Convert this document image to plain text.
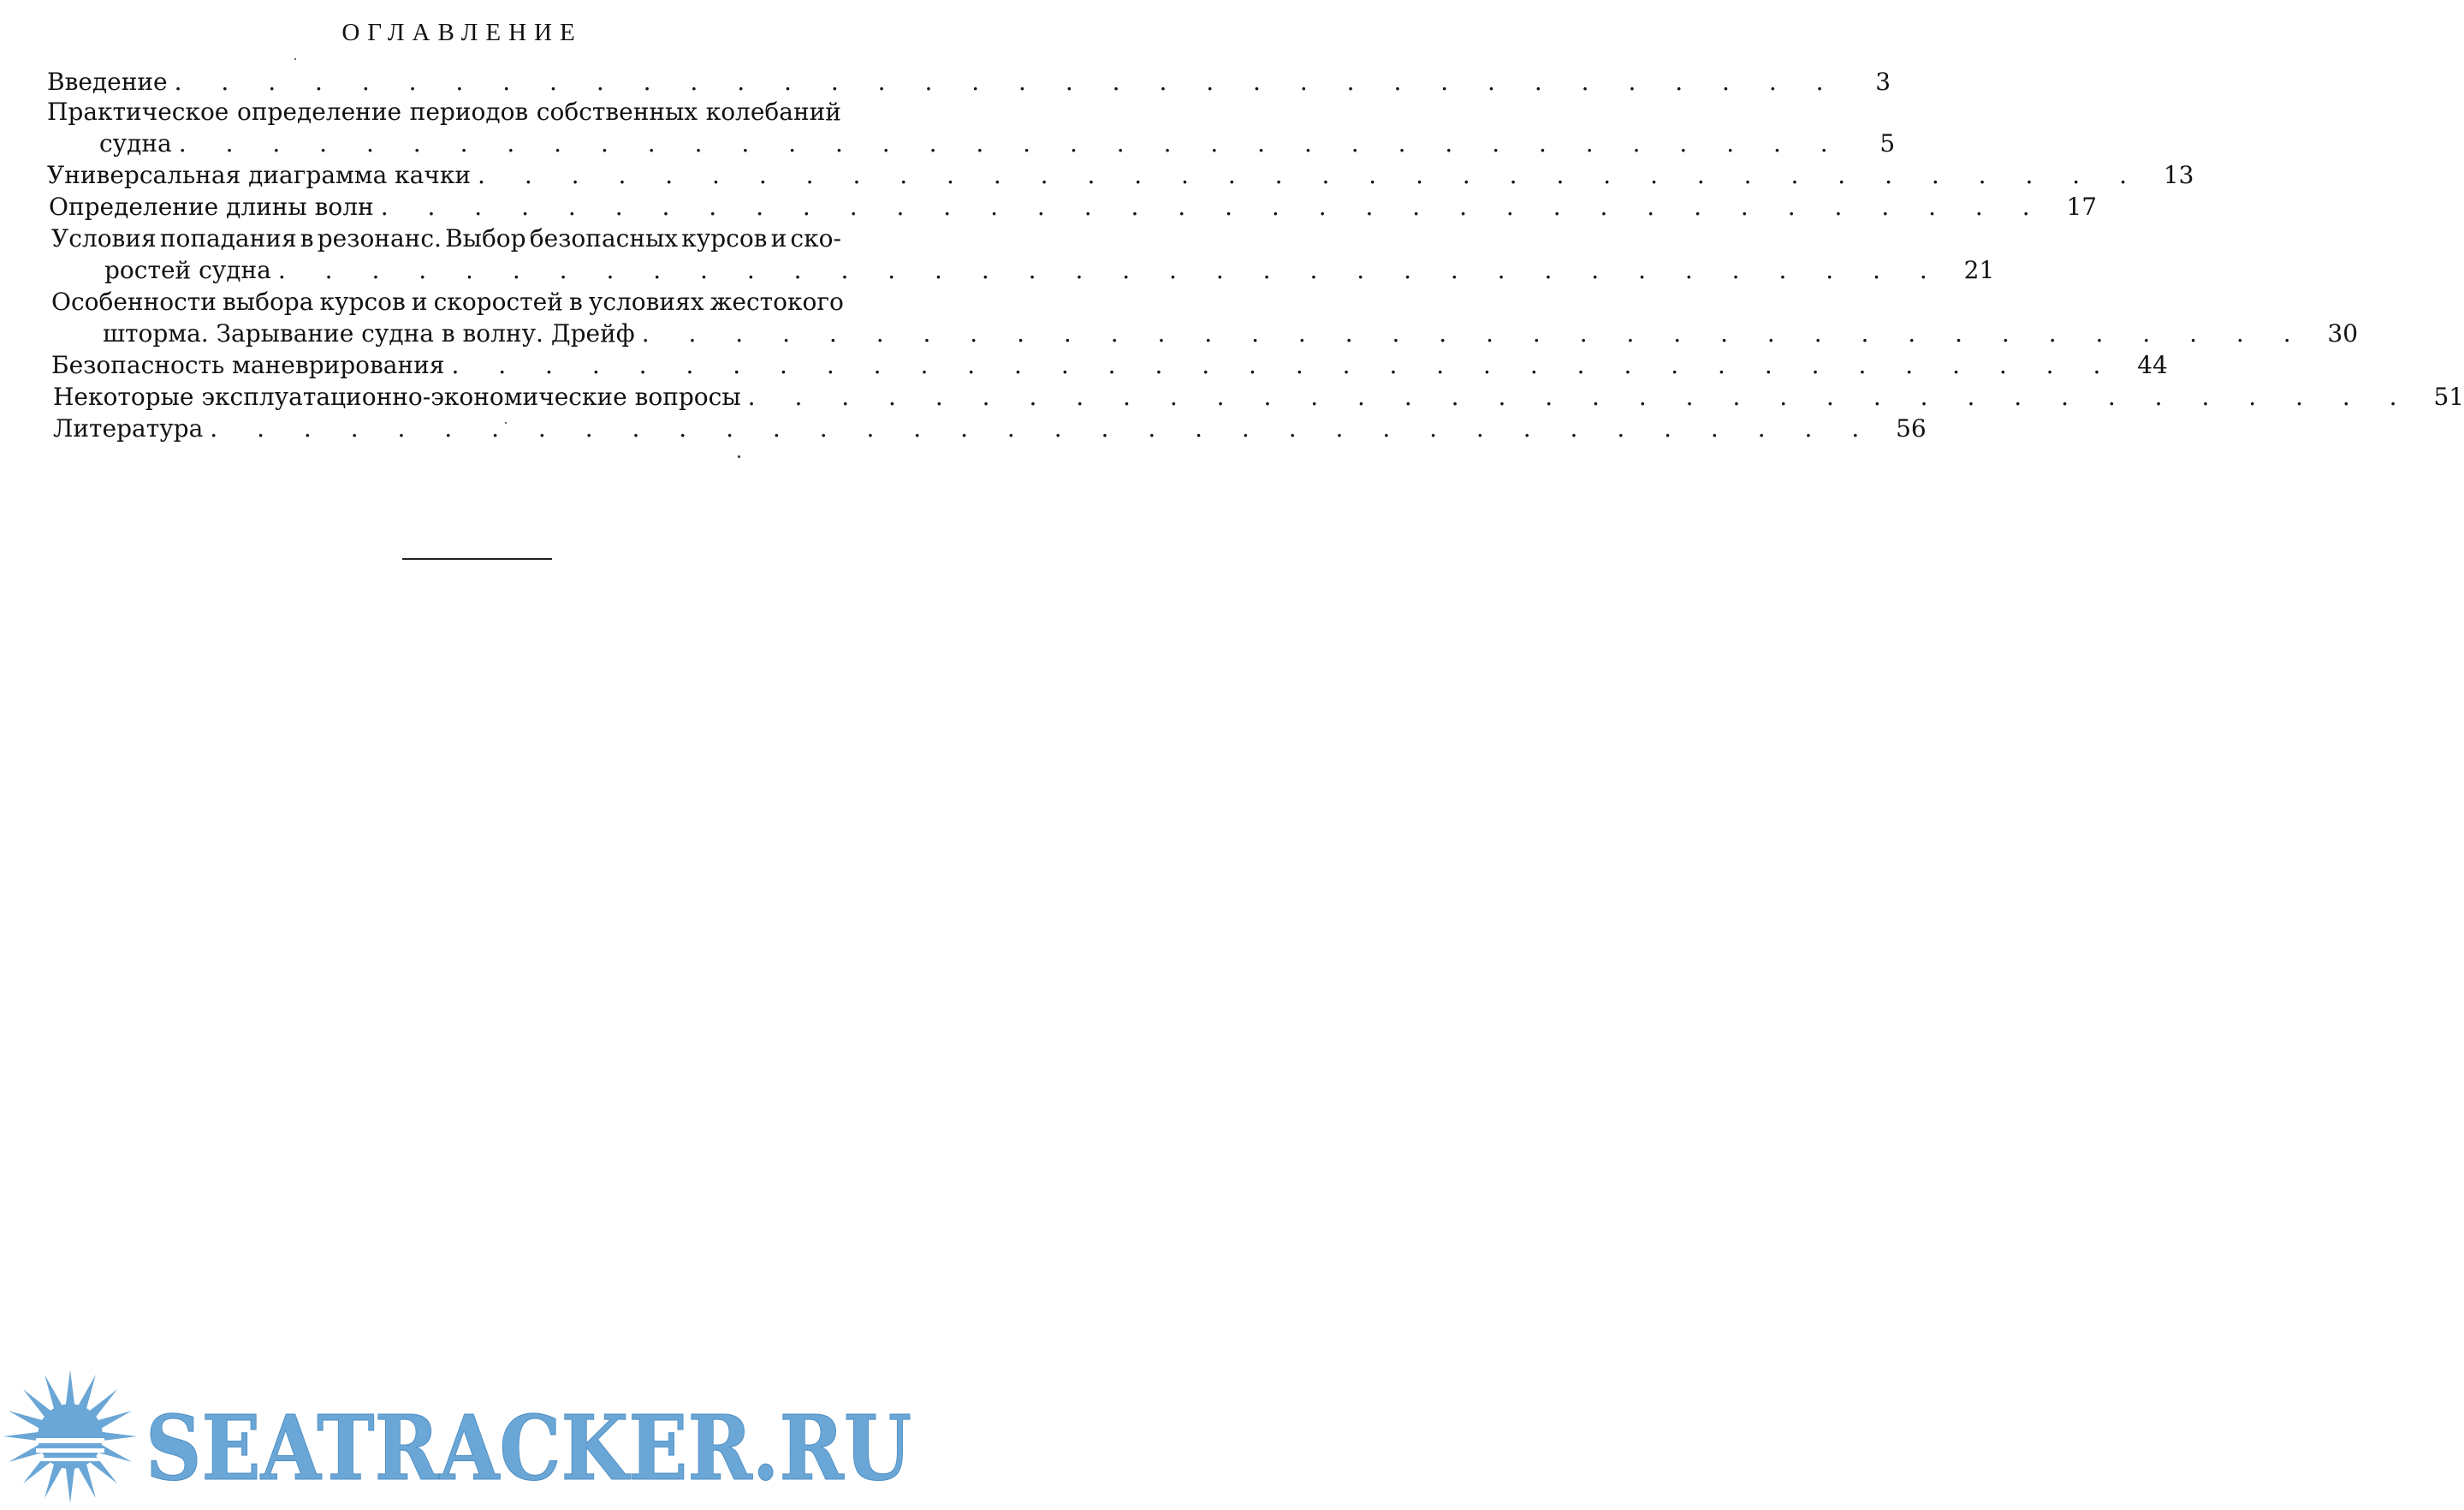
ОГЛАВЛЕНИЕ
Введение . . .	3
Практическое определение периодов собственных колебаний
судна . . .	5
Универсальная диаграмма качки . . .	13
Определение длины волн . . .	17
Условия попадания в резонанс. Выбор безопасных курсов и ско-
ростей судна . . .	21
Особенности выбора курсов и скоростей в условиях жестокого
шторма. Зарывание судна в волну. Дрейф . . .	30
Безопасность маневрирования . . .	44
Некоторые эксплуатационно-экономические вопросы . . .	51
Литература . . .	56
SEATRACKER.RU
